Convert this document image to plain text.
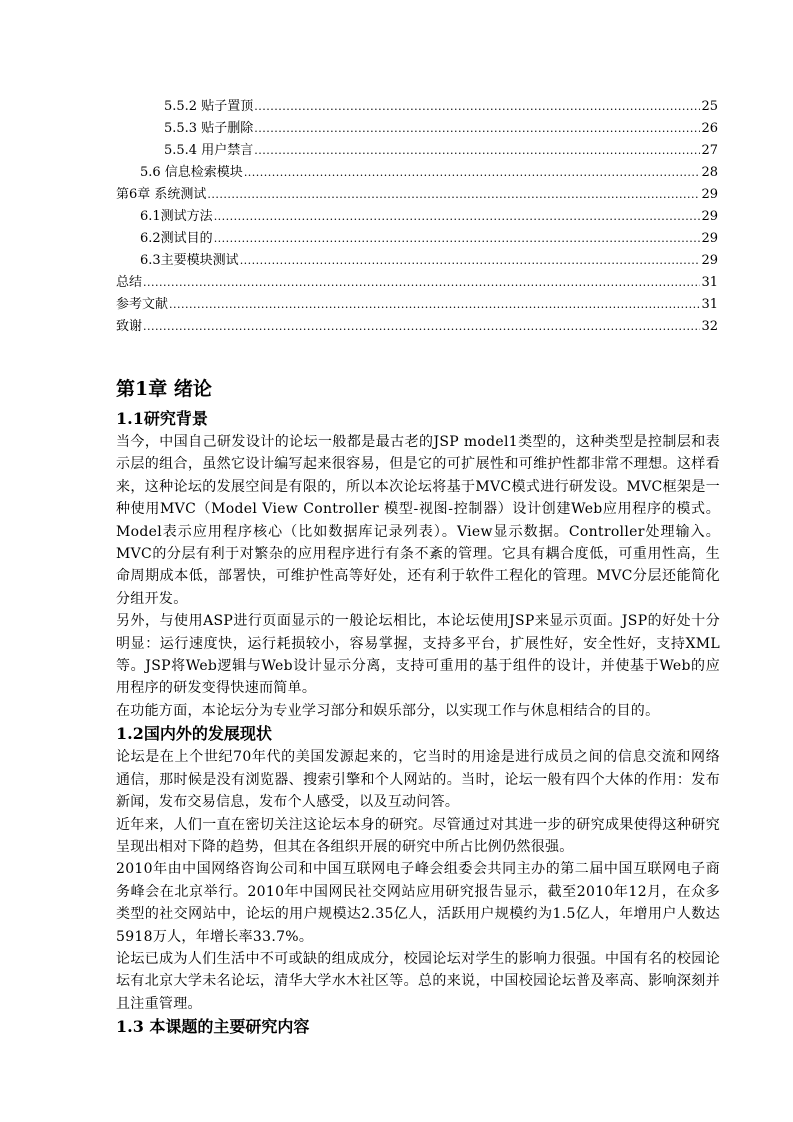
5.5.2 贴子置顶 .....	25
5.5.3 贴子删除 .....	26
5.5.4 用户禁言 .....	27
5.6 信息检索模块 .....	28
第6章 系统测试 .....	29
6.1测试方法 .....	29
6.2测试目的 .....	29
6.3主要模块测试 .....	29
总结 .....	31
参考文献 .....	31
致谢 .....	32
第1章 绪论
1.1研究背景

当今，中国自己研发设计的论坛一般都是最古老的JSP model1类型的，这种类型是控制层和表示层的组合，虽然它设计编写起来很容易，但是它的可扩展性和可维护性都非常不理想。这样看来，这种论坛的发展空间是有限的，所以本次论坛将基于MVC模式进行研发设。MVC框架是一种使用MVC（Model View Controller 模型-视图-控制器）设计创建Web应用程序的模式。Model表示应用程序核心（比如数据库记录列表）。View显示数据。Controller处理输入。MVC的分层有利于对繁杂的应用程序进行有条不紊的管理。它具有耦合度低，可重用性高，生命周期成本低，部署快，可维护性高等好处，还有利于软件工程化的管理。MVC分层还能简化分组开发。

另外，与使用ASP进行页面显示的一般论坛相比，本论坛使用JSP来显示页面。JSP的好处十分明显：运行速度快，运行耗损较小，容易掌握，支持多平台，扩展性好，安全性好，支持XML等。JSP将Web逻辑与Web设计显示分离，支持可重用的基于组件的设计，并使基于Web的应用程序的研发变得快速而简单。

在功能方面，本论坛分为专业学习部分和娱乐部分，以实现工作与休息相结合的目的。

1.2国内外的发展现状

论坛是在上个世纪70年代的美国发源起来的，它当时的用途是进行成员之间的信息交流和网络通信，那时候是没有浏览器、搜索引擎和个人网站的。当时，论坛一般有四个大体的作用：发布新闻，发布交易信息，发布个人感受，以及互动问答。

近年来，人们一直在密切关注这论坛本身的研究。尽管通过对其进一步的研究成果使得这种研究呈现出相对下降的趋势，但其在各组织开展的研究中所占比例仍然很强。

2010年由中国网络咨询公司和中国互联网电子峰会组委会共同主办的第二届中国互联网电子商务峰会在北京举行。2010年中国网民社交网站应用研究报告显示，截至2010年12月，在众多类型的社交网站中，论坛的用户规模达2.35亿人，活跃用户规模约为1.5亿人，年增用户人数达5918万人，年增长率33.7%。

论坛已成为人们生活中不可或缺的组成成分，校园论坛对学生的影响力很强。中国有名的校园论坛有北京大学未名论坛，清华大学水木社区等。总的来说，中国校园论坛普及率高、影响深刻并且注重管理。

1.3 本课题的主要研究内容
